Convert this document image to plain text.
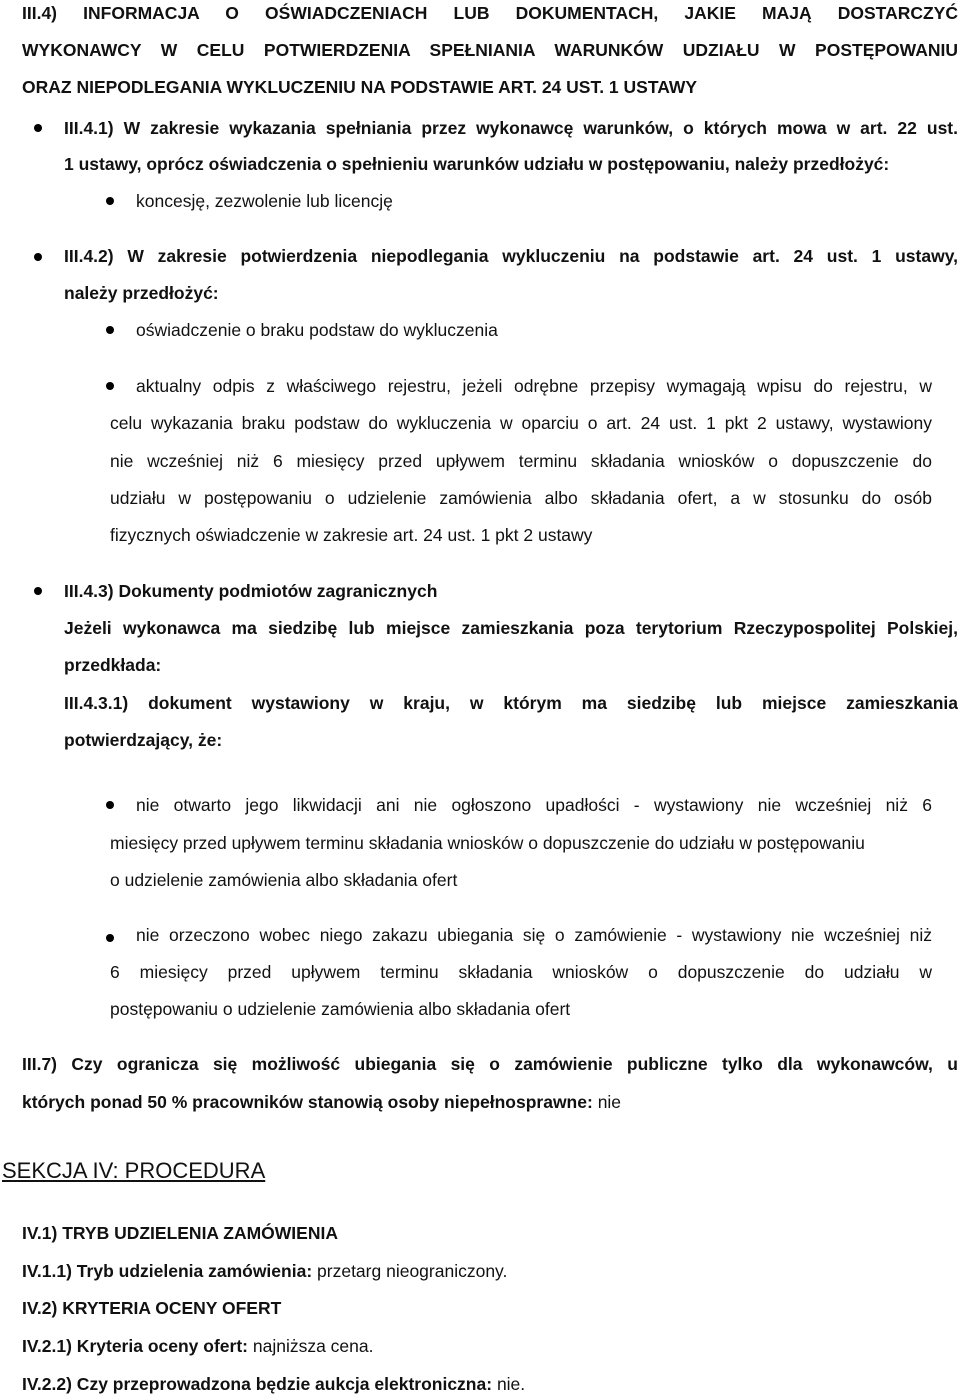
III.4) INFORMACJA O OŚWIADCZENIACH LUB DOKUMENTACH, JAKIE MAJĄ DOSTARCZYĆ
WYKONAWCY W CELU POTWIERDZENIA SPEŁNIANIA WARUNKÓW UDZIAŁU W POSTĘPOWANIU
ORAZ NIEPODLEGANIA WYKLUCZENIU NA PODSTAWIE ART. 24 UST. 1 USTAWY
III.4.1) W zakresie wykazania spełniania przez wykonawcę warunków, o których mowa w art. 22 ust.
1 ustawy, oprócz oświadczenia o spełnieniu warunków udziału w postępowaniu, należy przedłożyć:
koncesję, zezwolenie lub licencję
III.4.2) W zakresie potwierdzenia niepodlegania wykluczeniu na podstawie art. 24 ust. 1 ustawy,
należy przedłożyć:
oświadczenie o braku podstaw do wykluczenia
aktualny odpis z właściwego rejestru, jeżeli odrębne przepisy wymagają wpisu do rejestru, w
celu wykazania braku podstaw do wykluczenia w oparciu o art. 24 ust. 1 pkt 2 ustawy, wystawiony
nie wcześniej niż 6 miesięcy przed upływem terminu składania wniosków o dopuszczenie do
udziału w postępowaniu o udzielenie zamówienia albo składania ofert, a w stosunku do osób
fizycznych oświadczenie w zakresie art. 24 ust. 1 pkt 2 ustawy
III.4.3) Dokumenty podmiotów zagranicznych
Jeżeli wykonawca ma siedzibę lub miejsce zamieszkania poza terytorium Rzeczypospolitej Polskiej,
przedkłada:
III.4.3.1) dokument wystawiony w kraju, w którym ma siedzibę lub miejsce zamieszkania
potwierdzający, że:
nie otwarto jego likwidacji ani nie ogłoszono upadłości - wystawiony nie wcześniej niż 6
miesięcy przed upływem terminu składania wniosków o dopuszczenie do udziału w postępowaniu
o udzielenie zamówienia albo składania ofert
nie orzeczono wobec niego zakazu ubiegania się o zamówienie - wystawiony nie wcześniej niż
6 miesięcy przed upływem terminu składania wniosków o dopuszczenie do udziału w
postępowaniu o udzielenie zamówienia albo składania ofert
III.7) Czy ogranicza się możliwość ubiegania się o zamówienie publiczne tylko dla wykonawców, u
których ponad 50 % pracowników stanowią osoby niepełnosprawne: nie
SEKCJA IV: PROCEDURA
IV.1) TRYB UDZIELENIA ZAMÓWIENIA
IV.1.1) Tryb udzielenia zamówienia: przetarg nieograniczony.
IV.2) KRYTERIA OCENY OFERT
IV.2.1) Kryteria oceny ofert: najniższa cena.
IV.2.2) Czy przeprowadzona będzie aukcja elektroniczna: nie.
